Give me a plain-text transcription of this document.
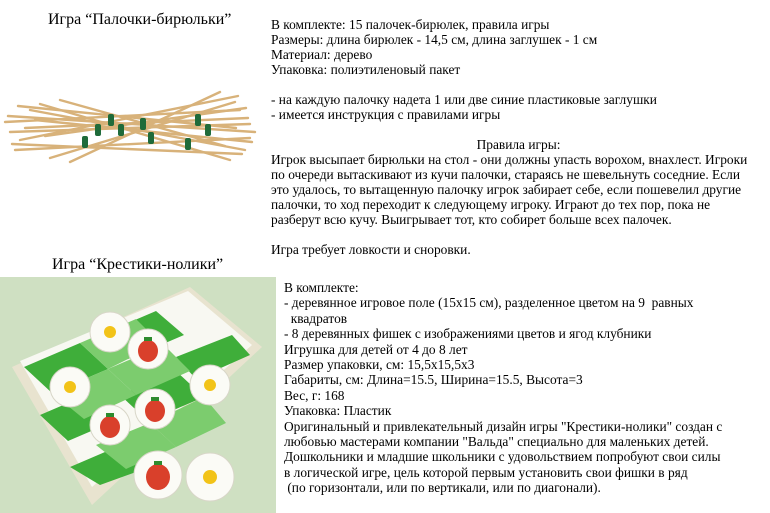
Игра “Палочки-бирюльки”	В комплекте: 15 палочек-бирюлек, правила игры
Размеры: длина бирюлек - 14,5 см, длина заглушек - 1 см
Материал: дерево
Упаковка: полиэтиленовый пакет
- на каждую палочку надета 1 или две синие пластиковые заглушки
- имеется инструкция с правилами игры
Правила игры:
Игрок высыпает бирюльки на стол - они должны упасть ворохом, внахлест. Игроки
по очереди вытаскивают из кучи палочки, стараясь не шевельнуть соседние. Если
это удалось, то вытащенную палочку игрок забирает себе, если пошевелил другие
палочки, то ход переходит к следующему игроку. Играют до тех пор, пока не
разберут всю кучу. Выигрывает тот, кто собирет больше всех палочек.
Игра требует ловкости и сноровки.
Игра “Крестики-нолики”
В комплекте:
- деревянное игровое поле (15х15 см), разделенное цветом на 9  равных
квадратов
- 8 деревянных фишек с изображениями цветов и ягод клубники
Игрушка для детей от 4 до 8 лет
Размер упаковки, см: 15,5х15,5х3
Габариты, см: Длина=15.5, Ширина=15.5, Высота=3
Вес, г: 168
Упаковка: Пластик
Оригинальный и привлекательный дизайн игры "Крестики-нолики" создан с
любовью мастерами компании "Вальда" специально для маленьких детей.
Дошкольники и младшие школьники с удовольствием попробуют свои силы
в логической игре, цель которой первым установить свои фишки в ряд
(по горизонтали, или по вертикали, или по диагонали).
